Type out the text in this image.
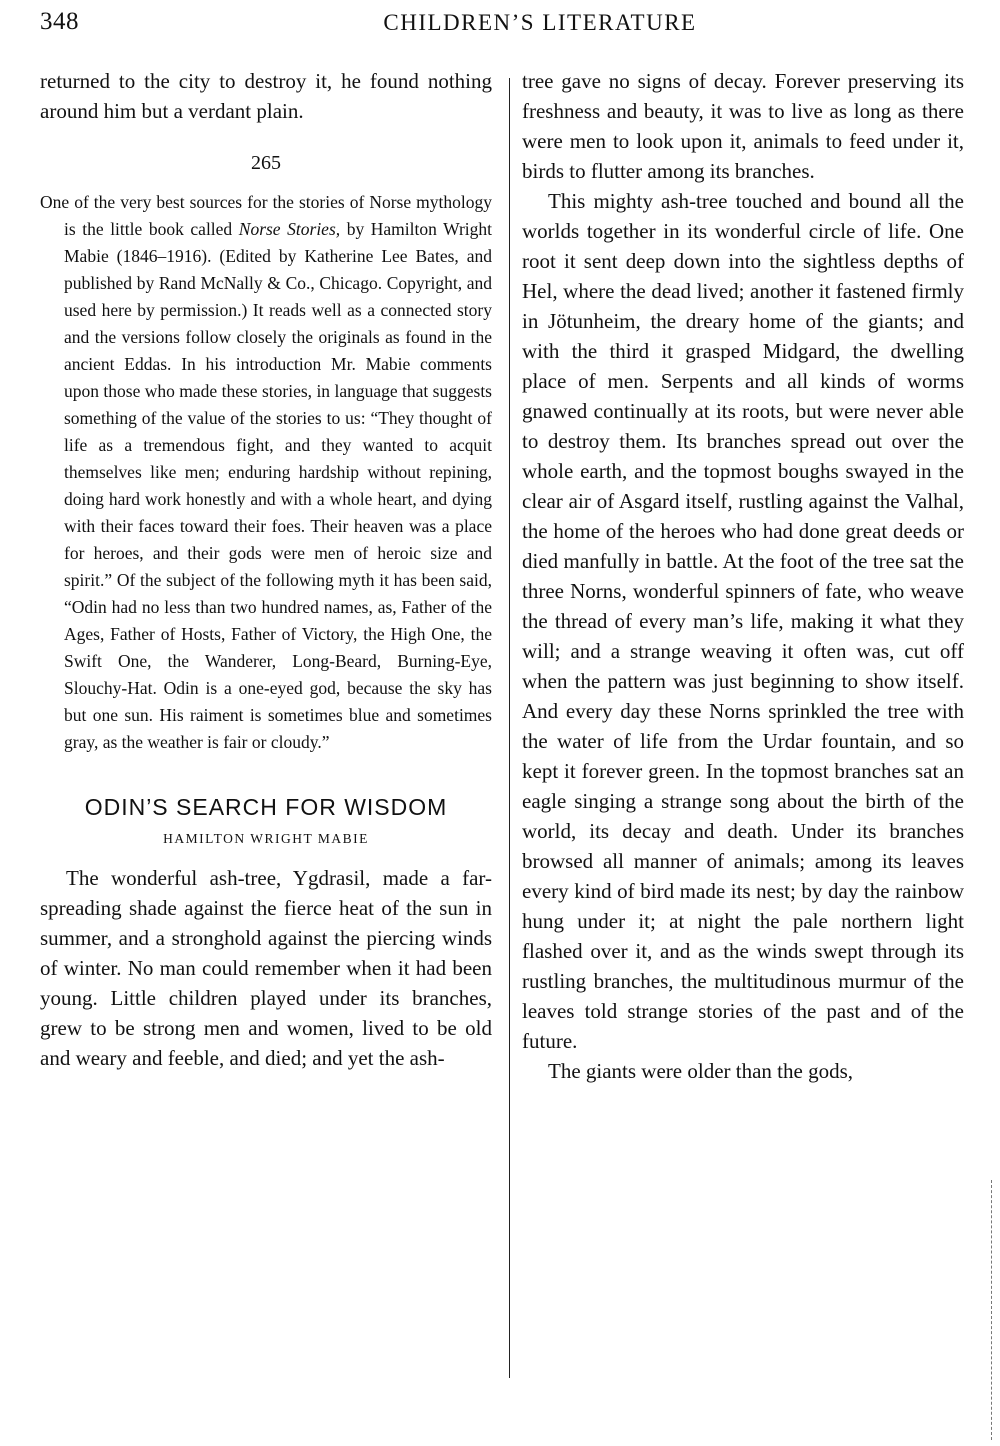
348	CHILDREN’S LITERATURE

returned to the city to destroy it, he found nothing around him but a verdant plain.

265

One of the very best sources for the stories of Norse mythology is the little book called Norse Stories, by Hamilton Wright Mabie (1846–1916). (Edited by Katherine Lee Bates, and published by Rand McNally & Co., Chicago. Copyright, and used here by permission.) It reads well as a connected story and the versions follow closely the originals as found in the ancient Eddas. In his introduction Mr. Mabie comments upon those who made these stories, in language that suggests something of the value of the stories to us: “They thought of life as a tremendous fight, and they wanted to acquit themselves like men; enduring hardship without repining, doing hard work honestly and with a whole heart, and dying with their faces toward their foes. Their heaven was a place for heroes, and their gods were men of heroic size and spirit.” Of the subject of the following myth it has been said, “Odin had no less than two hundred names, as, Father of the Ages, Father of Hosts, Father of Victory, the High One, the Swift One, the Wanderer, Long-Beard, Burning-Eye, Slouchy-Hat. Odin is a one-eyed god, because the sky has but one sun. His raiment is sometimes blue and sometimes gray, as the weather is fair or cloudy.”

ODIN’S SEARCH FOR WISDOM
HAMILTON WRIGHT MABIE

The wonderful ash-tree, Ygdrasil, made a far-spreading shade against the fierce heat of the sun in summer, and a stronghold against the piercing winds of winter. No man could remember when it had been young. Little children played under its branches, grew to be strong men and women, lived to be old and weary and feeble, and died; and yet the ash-

tree gave no signs of decay. Forever preserving its freshness and beauty, it was to live as long as there were men to look upon it, animals to feed under it, birds to flutter among its branches.

This mighty ash-tree touched and bound all the worlds together in its wonderful circle of life. One root it sent deep down into the sightless depths of Hel, where the dead lived; another it fastened firmly in Jötunheim, the dreary home of the giants; and with the third it grasped Midgard, the dwelling place of men. Serpents and all kinds of worms gnawed continually at its roots, but were never able to destroy them. Its branches spread out over the whole earth, and the topmost boughs swayed in the clear air of Asgard itself, rustling against the Valhal, the home of the heroes who had done great deeds or died manfully in battle. At the foot of the tree sat the three Norns, wonderful spinners of fate, who weave the thread of every man’s life, making it what they will; and a strange weaving it often was, cut off when the pattern was just beginning to show itself. And every day these Norns sprinkled the tree with the water of life from the Urdar fountain, and so kept it forever green. In the topmost branches sat an eagle singing a strange song about the birth of the world, its decay and death. Under its branches browsed all manner of animals; among its leaves every kind of bird made its nest; by day the rainbow hung under it; at night the pale northern light flashed over it, and as the winds swept through its rustling branches, the multitudinous murmur of the leaves told strange stories of the past and of the future.

The giants were older than the gods,
